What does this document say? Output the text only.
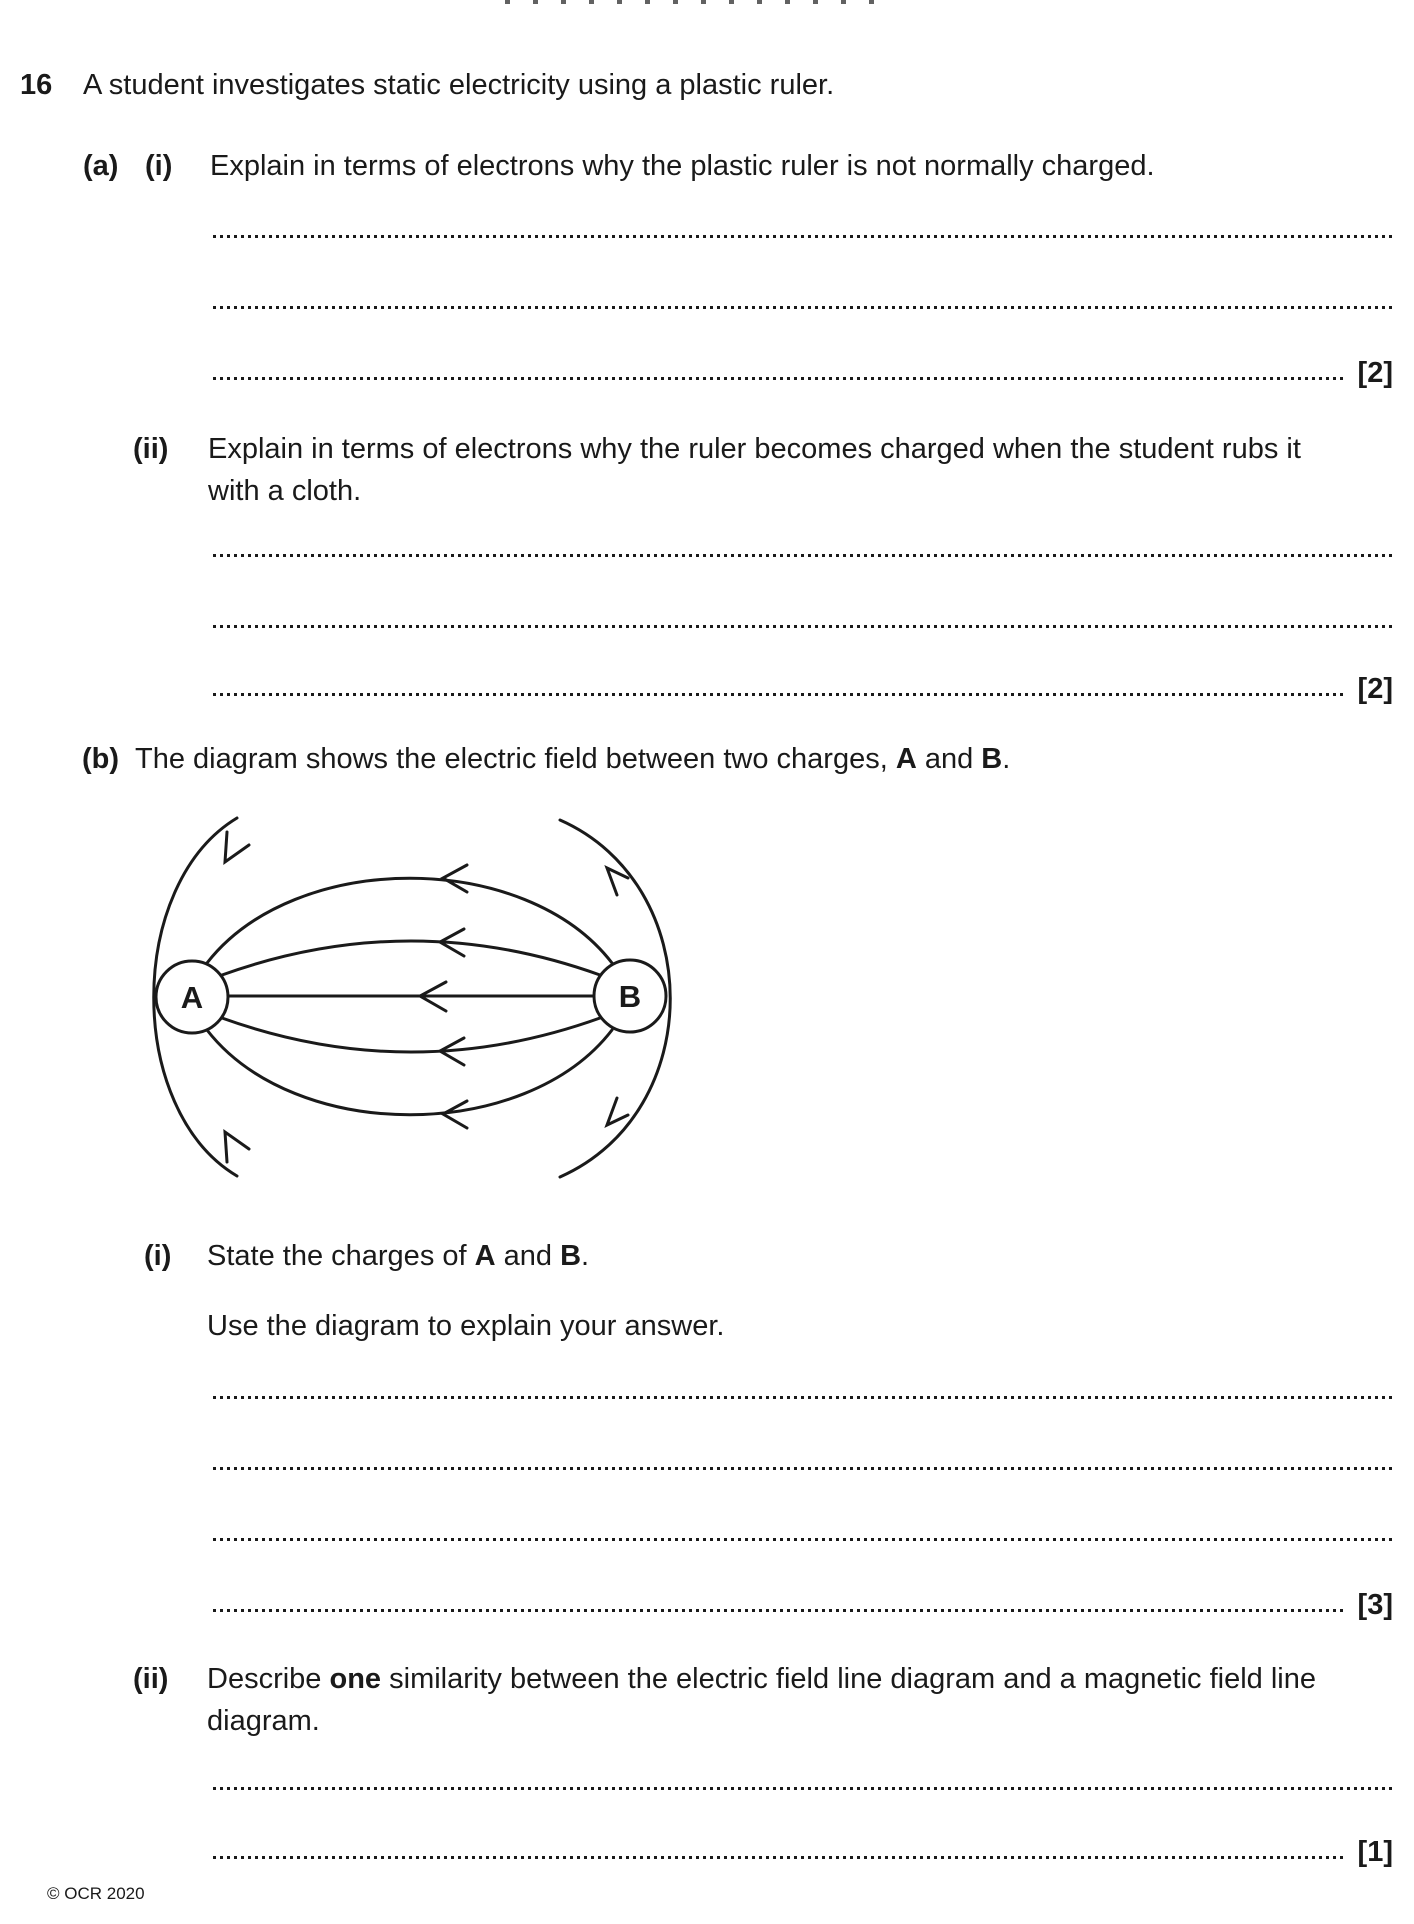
16 A student investigates static electricity using a plastic ruler.
(a) (i) Explain in terms of electrons why the plastic ruler is not normally charged.
[2]
(ii) Explain in terms of electrons why the ruler becomes charged when the student rubs it
with a cloth.
[2]
(b) The diagram shows the electric field between two charges, A and B.
A	B
(i) State the charges of A and B.
Use the diagram to explain your answer.
[3]
(ii) Describe one similarity between the electric field line diagram and a magnetic field line
diagram.
[1]
© OCR 2020
